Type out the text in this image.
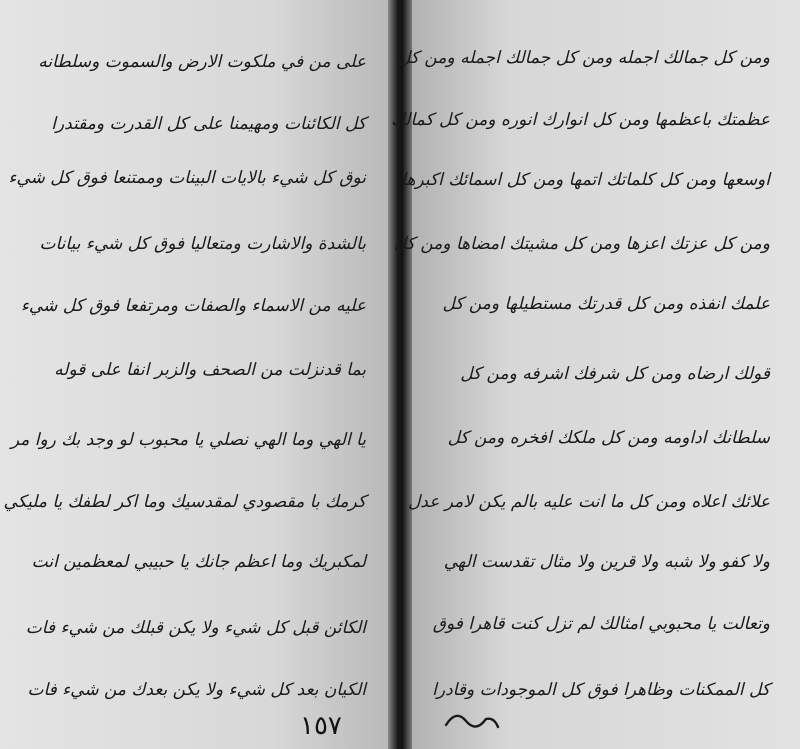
على من في ملكوت الارض والسموت وسلطانه
كل الكائنات ومهيمنا على كل القدرت ومقتدرا
نوق كل شيء بالايات البينات وممتنعا فوق كل شيء
بالشدة والاشارت ومتعاليا فوق كل شيء بيانات
عليه من الاسماء والصفات ومرتفعا فوق كل شيء
بما قدنزلت من الصحف والزبر انفا على قوله
يا الهي وما الهي نصلي يا محبوب لو وجد بك روا مر
كرمك با مقصودي لمقدسيك وما اكر لطفك يا مليكي
لمكبريك وما اعظم جانك يا حبيبي لمعظمين انت
الكائن قبل كل شيء ولا يكن قبلك من شيء فات
الكيان بعد كل شيء ولا يكن بعدك من شيء فات
١٥٧
ومن كل جمالك اجمله ومن كل جمالك اجمله ومن كل
عظمتك باعظمها ومن كل انوارك انوره ومن كل كمالك
اوسعها ومن كل كلماتك اتمها ومن كل اسمائك اكبرها
ومن كل عزتك اعزها ومن كل مشيتك امضاها ومن كل
علمك انفذه ومن كل قدرتك مستطيلها ومن كل
قولك ارضاه ومن كل شرفك اشرفه ومن كل
سلطانك اداومه ومن كل ملكك افخره ومن كل
علائك اعلاه ومن كل ما انت عليه بالم يكن لامر عدل
ولا كفو ولا شبه ولا قرين ولا مثال تقدست الهي
وتعالت يا محبوبي امثالك لم تزل كنت قاهرا فوق
كل الممكنات وظاهرا فوق كل الموجودات وقادرا
